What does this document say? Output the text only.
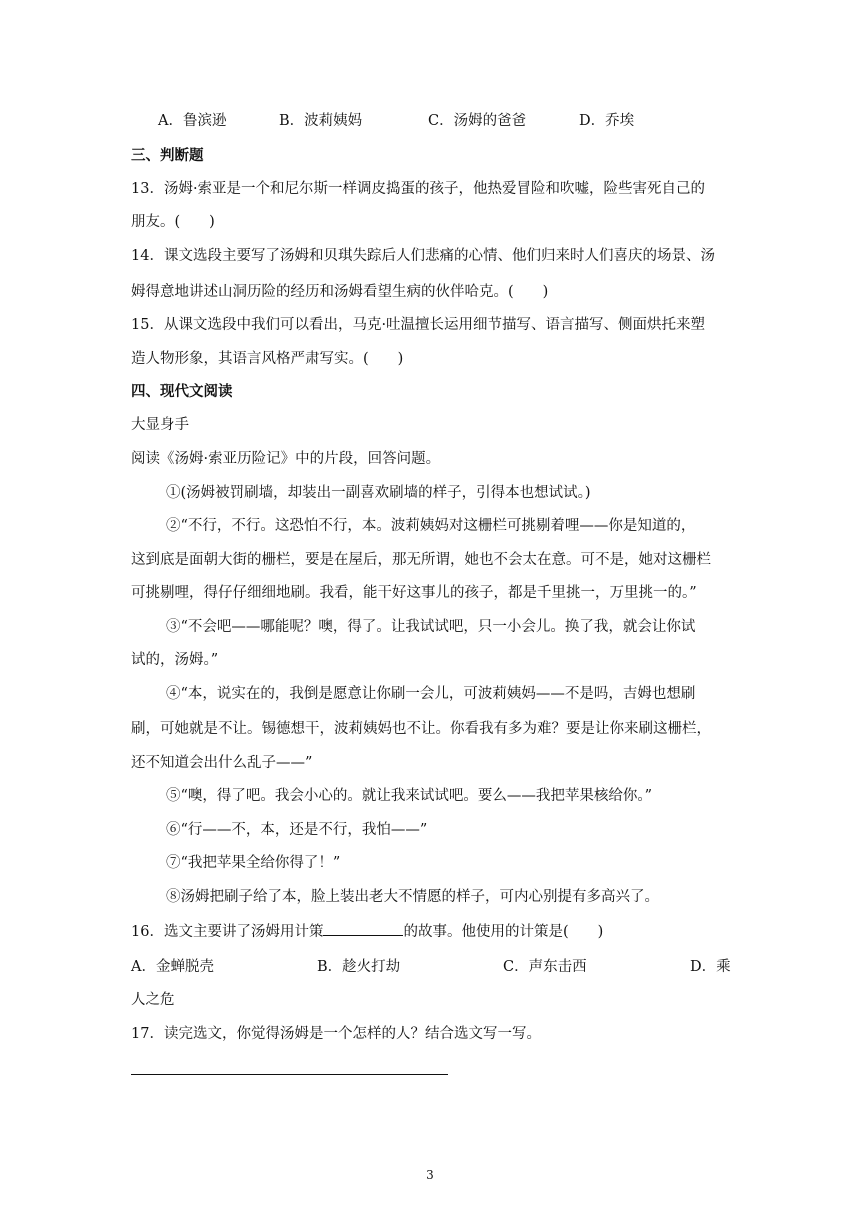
A．鲁滨逊	B．波莉姨妈	C．汤姆的爸爸	D．乔埃
三、判断题
13．汤姆·索亚是一个和尼尔斯一样调皮捣蛋的孩子，他热爱冒险和吹嘘，险些害死自己的
朋友。(　　)
14．课文选段主要写了汤姆和贝琪失踪后人们悲痛的心情、他们归来时人们喜庆的场景、汤
姆得意地讲述山洞历险的经历和汤姆看望生病的伙伴哈克。(　　)
15．从课文选段中我们可以看出，马克·吐温擅长运用细节描写、语言描写、侧面烘托来塑
造人物形象，其语言风格严肃写实。(　　)
四、现代文阅读
大显身手
阅读《汤姆·索亚历险记》中的片段，回答问题。
①(汤姆被罚刷墙，却装出一副喜欢刷墙的样子，引得本也想试试。)
②“不行，不行。这恐怕不行，本。波莉姨妈对这栅栏可挑剔着哩——你是知道的，
这到底是面朝大街的栅栏，要是在屋后，那无所谓，她也不会太在意。可不是，她对这栅栏
可挑剔哩，得仔仔细细地刷。我看，能干好这事儿的孩子，都是千里挑一，万里挑一的。”
③“不会吧——哪能呢？噢，得了。让我试试吧，只一小会儿。换了我，就会让你试
试的，汤姆。”
④“本，说实在的，我倒是愿意让你刷一会儿，可波莉姨妈——不是吗，吉姆也想刷
刷，可她就是不让。锡德想干，波莉姨妈也不让。你看我有多为难？要是让你来刷这栅栏，
还不知道会出什么乱子——”
⑤“噢，得了吧。我会小心的。就让我来试试吧。要么——我把苹果核给你。”
⑥“行——不，本，还是不行，我怕——”
⑦“我把苹果全给你得了！”
⑧汤姆把刷子给了本，脸上装出老大不情愿的样子，可内心别提有多高兴了。
16．选文主要讲了汤姆用计策	的故事。他使用的计策是(　　)
A．金蝉脱壳	B．趁火打劫	C．声东击西	D．乘
人之危
17．读完选文，你觉得汤姆是一个怎样的人？结合选文写一写。
3
